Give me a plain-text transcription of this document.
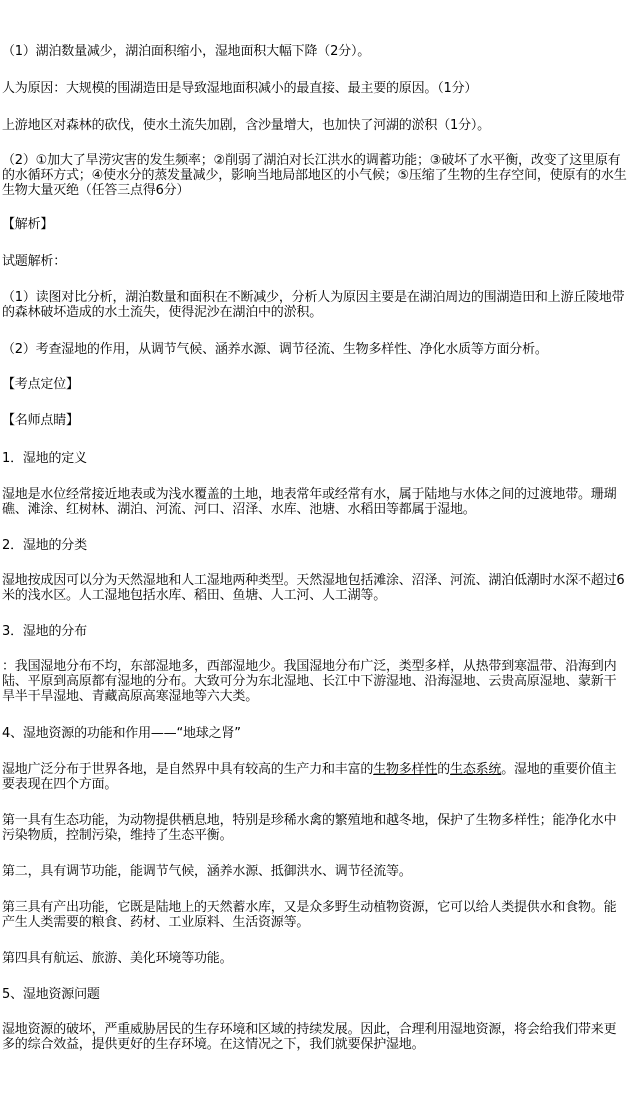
（1）湖泊数量减少，湖泊面积缩小，湿地面积大幅下降（2分）。
人为原因：大规模的围湖造田是导致湿地面积减小的最直接、最主要的原因。（1分）
上游地区对森林的砍伐，使水土流失加剧，含沙量增大，也加快了河湖的淤积（1分）。
（2）①加大了旱涝灾害的发生频率；②削弱了湖泊对长江洪水的调蓄功能；③破坏了水平衡，改变了这里原有的水循环方式；④使水分的蒸发量减少，影响当地局部地区的小气候；⑤压缩了生物的生存空间，使原有的水生生物大量灭绝（任答三点得6分）
【解析】
试题解析：
（1）读图对比分析，湖泊数量和面积在不断减少，分析人为原因主要是在湖泊周边的围湖造田和上游丘陵地带的森林破坏造成的水土流失，使得泥沙在湖泊中的淤积。
（2）考查湿地的作用，从调节气候、涵养水源、调节径流、生物多样性、净化水质等方面分析。
【考点定位】
【名师点睛】
1．湿地的定义
湿地是水位经常接近地表或为浅水覆盖的土地，地表常年或经常有水，属于陆地与水体之间的过渡地带。珊瑚礁、滩涂、红树林、湖泊、河流、河口、沼泽、水库、池塘、水稻田等都属于湿地。
2．湿地的分类
湿地按成因可以分为天然湿地和人工湿地两种类型。天然湿地包括滩涂、沼泽、河流、湖泊低潮时水深不超过6米的浅水区。人工湿地包括水库、稻田、鱼塘、人工河、人工湖等。
3．湿地的分布
：我国湿地分布不均，东部湿地多，西部湿地少。我国湿地分布广泛，类型多样，从热带到寒温带、沿海到内陆、平原到高原都有湿地的分布。大致可分为东北湿地、长江中下游湿地、沿海湿地、云贵高原湿地、蒙新干旱半干旱湿地、青藏高原高寒湿地等六大类。
4、湿地资源的功能和作用——“地球之肾”
湿地广泛分布于世界各地，是自然界中具有较高的生产力和丰富的生物多样性的生态系统。湿地的重要价值主要表现在四个方面。
第一具有生态功能，为动物提供栖息地，特别是珍稀水禽的繁殖地和越冬地，保护了生物多样性；能净化水中污染物质，控制污染，维持了生态平衡。
第二，具有调节功能，能调节气候，涵养水源、抵御洪水、调节径流等。
第三具有产出功能，它既是陆地上的天然蓄水库，又是众多野生动植物资源，它可以给人类提供水和食物。能产生人类需要的粮食、药材、工业原料、生活资源等。
第四具有航运、旅游、美化环境等功能。
5、湿地资源问题
湿地资源的破坏，严重威胁居民的生存环境和区域的持续发展。因此，合理利用湿地资源，将会给我们带来更多的综合效益，提供更好的生存环境。在这情况之下，我们就要保护湿地。
